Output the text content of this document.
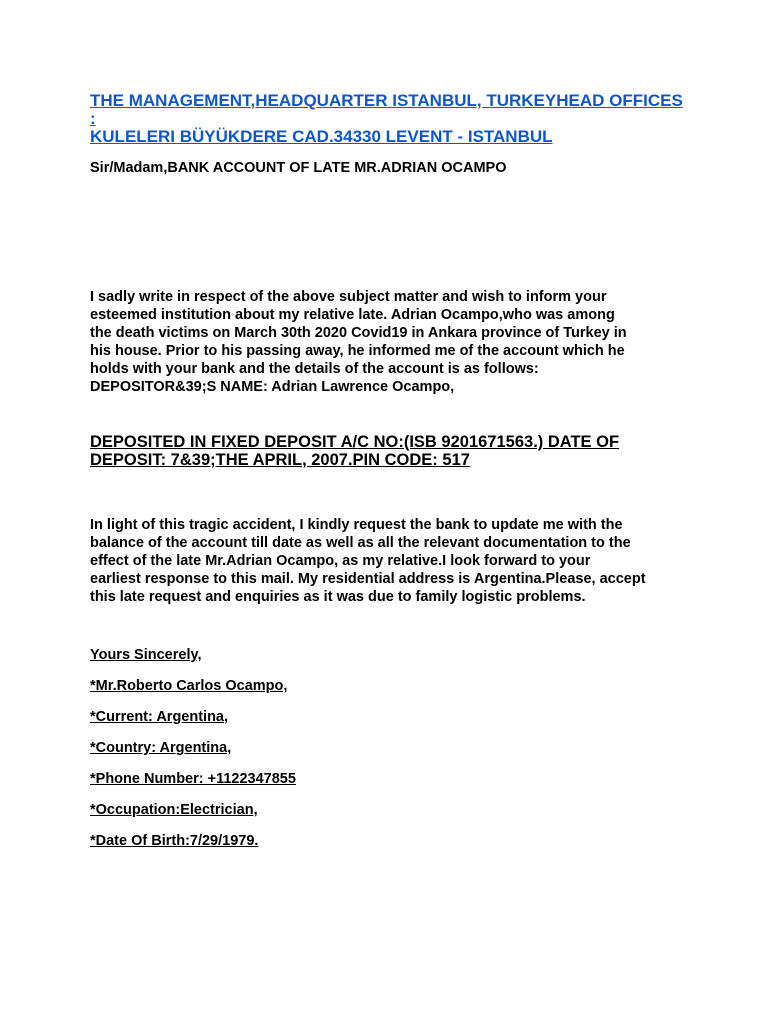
THE MANAGEMENT,HEADQUARTER ISTANBUL, TURKEYHEAD OFFICES :
KULELERI BÜYÜKDERE CAD.34330 LEVENT - ISTANBUL
Sir/Madam,BANK ACCOUNT OF LATE MR.ADRIAN OCAMPO

I sadly write in respect of the above subject matter and wish to inform your

esteemed institution about my relative late. Adrian Ocampo,who was among

the death victims on March 30th 2020 Covid19 in Ankara province of Turkey in

his house. Prior to his passing away, he informed me of the account which he

holds with your bank and the details of the account is as follows:

DEPOSITOR&39;S NAME: Adrian Lawrence Ocampo,

DEPOSITED IN FIXED DEPOSIT A/C NO:(ISB 9201671563.) DATE OF
DEPOSIT: 7&39;THE APRIL, 2007.PIN CODE: 517

In light of this tragic accident, I kindly request the bank to update me with the

balance of the account till date as well as all the relevant documentation to the

effect of the late Mr.Adrian Ocampo, as my relative.I look forward to your

earliest response to this mail. My residential address is Argentina.Please, accept

this late request and enquiries as it was due to family logistic problems.

Yours Sincerely,

*Mr.Roberto Carlos Ocampo,

*Current: Argentina,

*Country: Argentina,

*Phone Number: +1122347855

*Occupation:Electrician,

*Date Of Birth:7/29/1979.
